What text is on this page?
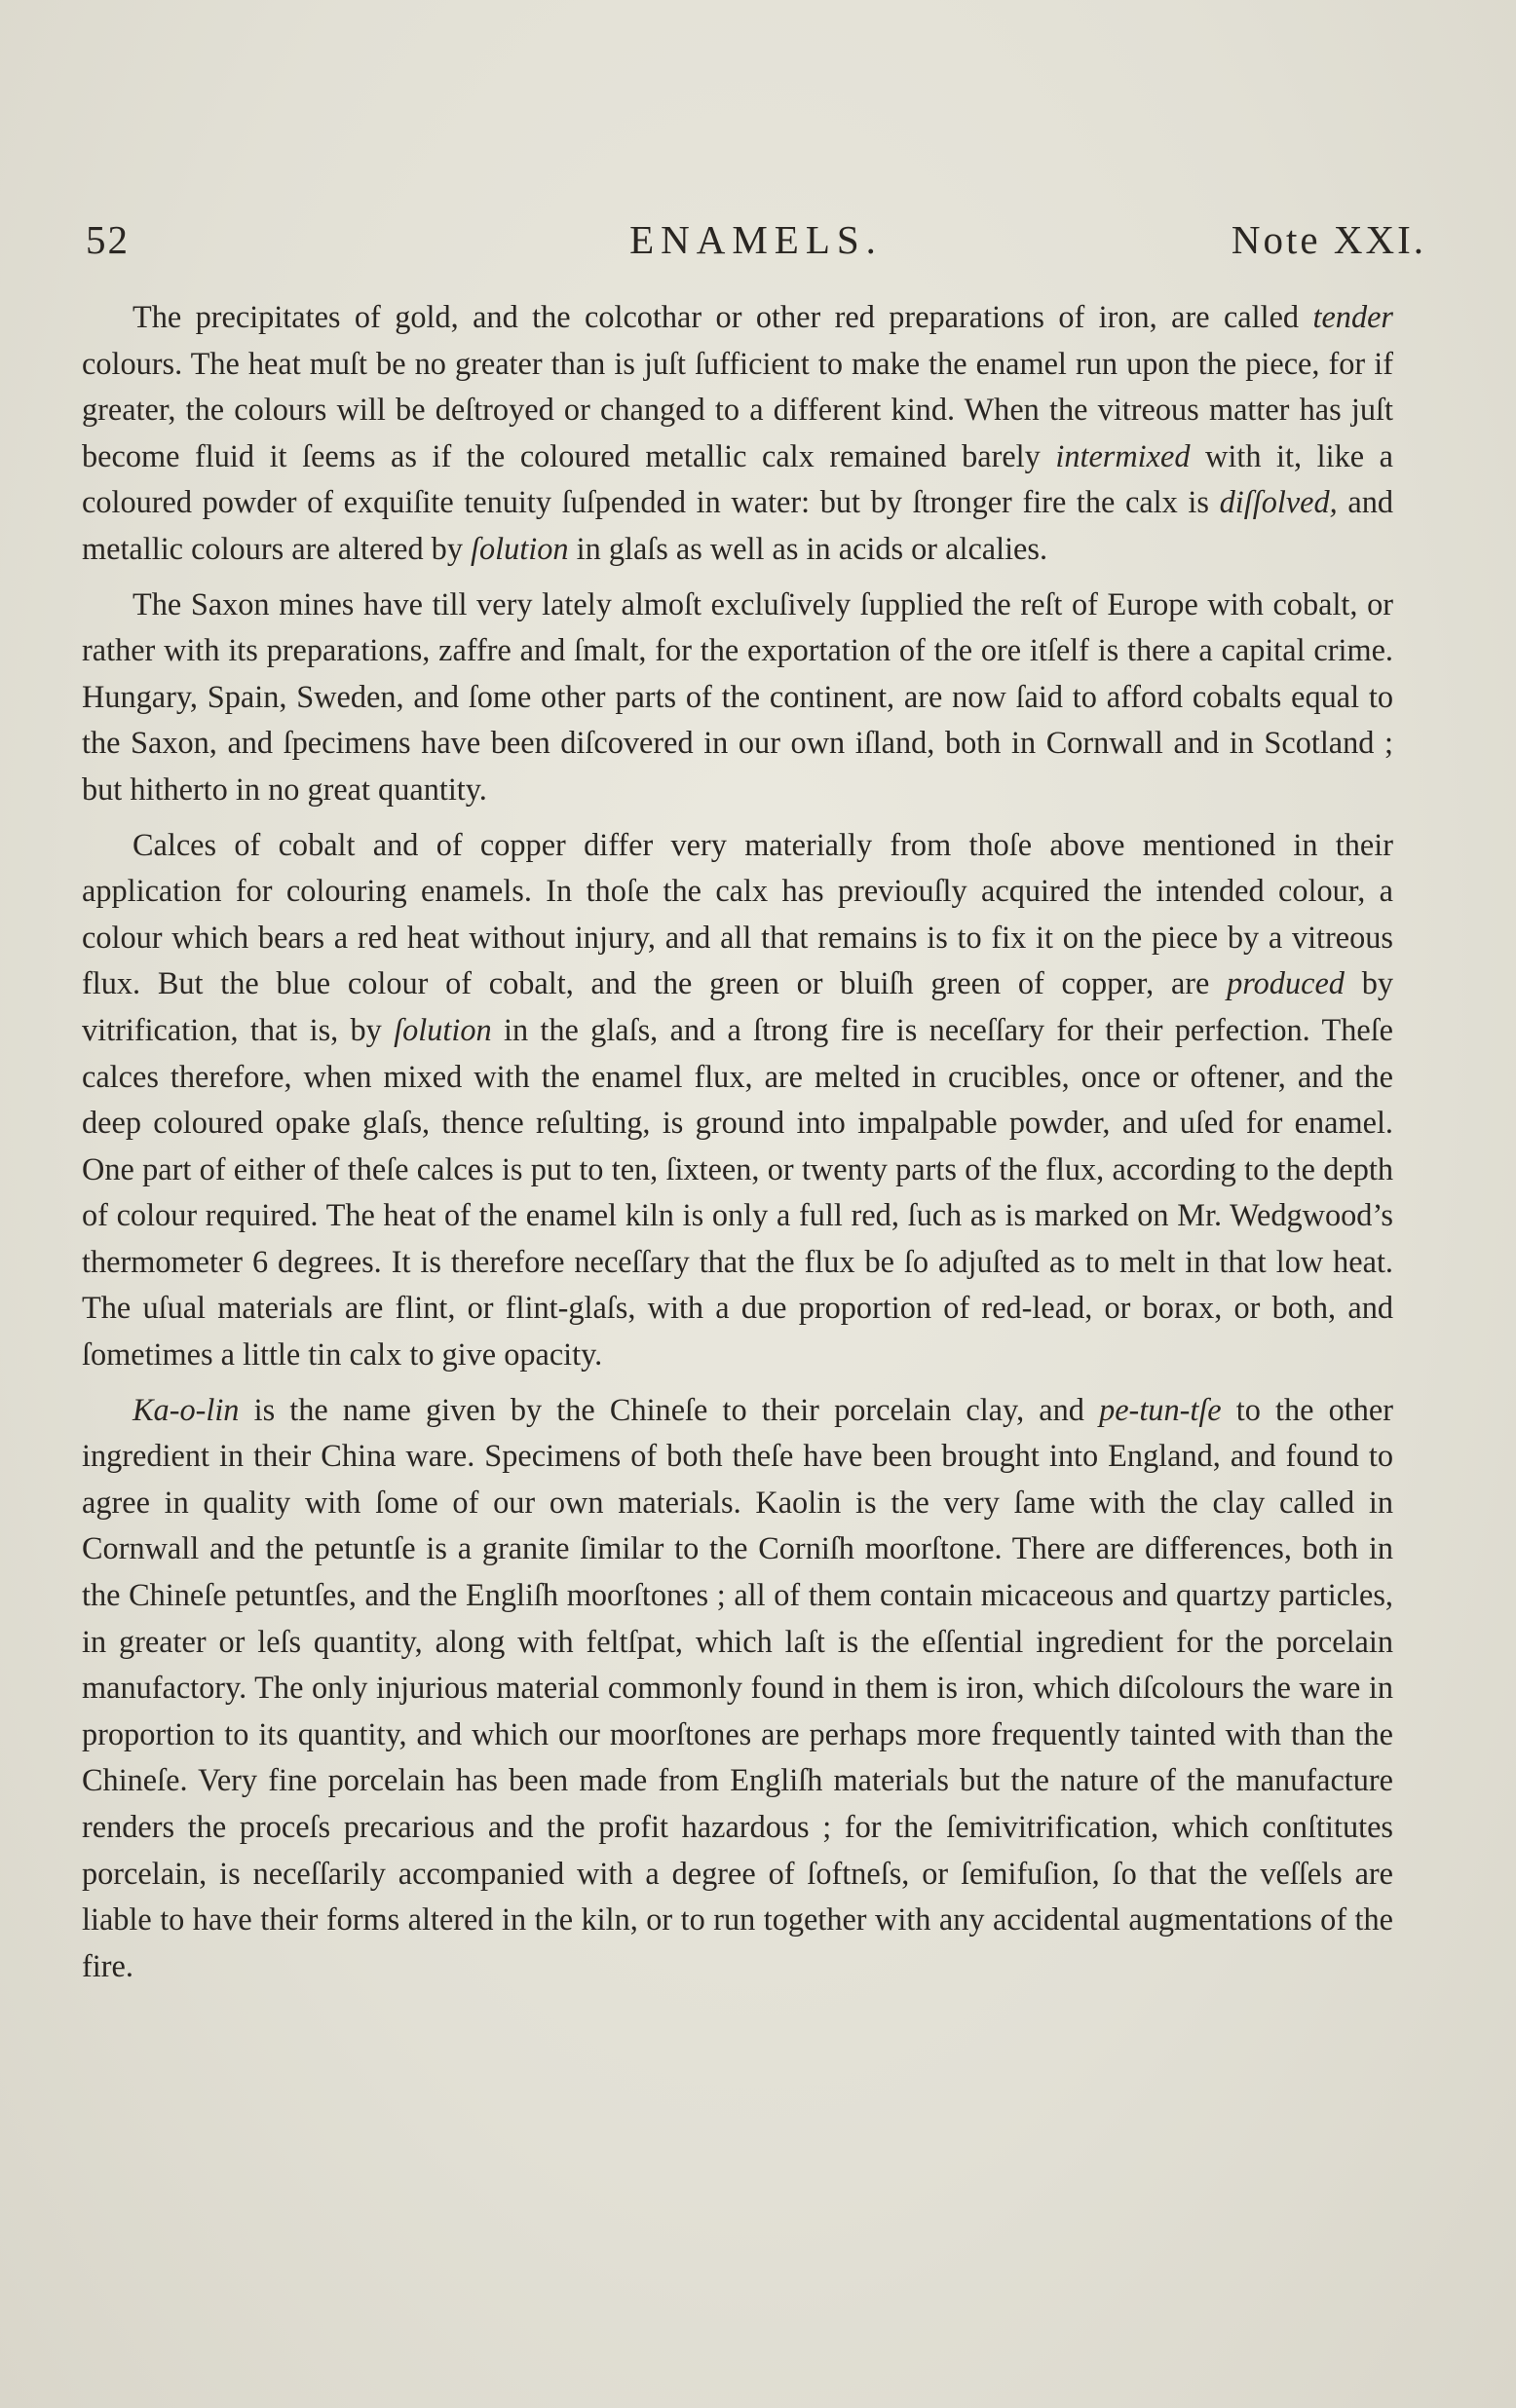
52	ENAMELS.	Note XXI.

The precipitates of gold, and the colcothar or other red preparations of iron, are called tender colours. The heat muſt be no greater than is juſt ſufficient to make the enamel run upon the piece, for if greater, the colours will be deſtroyed or changed to a different kind. When the vitreous matter has juſt become fluid it ſeems as if the coloured metallic calx remained barely intermixed with it, like a coloured powder of exquiſite tenuity ſuſpended in water: but by ſtronger fire the calx is diſſolved, and metallic colours are altered by ſolution in glaſs as well as in acids or alcalies.

The Saxon mines have till very lately almoſt excluſively ſupplied the reſt of Europe with cobalt, or rather with its preparations, zaffre and ſmalt, for the exportation of the ore itſelf is there a capital crime. Hungary, Spain, Sweden, and ſome other parts of the continent, are now ſaid to afford cobalts equal to the Saxon, and ſpecimens have been diſcovered in our own iſland, both in Cornwall and in Scotland ; but hitherto in no great quantity.

Calces of cobalt and of copper differ very materially from thoſe above mentioned in their application for colouring enamels. In thoſe the calx has previouſly acquired the intended colour, a colour which bears a red heat without injury, and all that remains is to fix it on the piece by a vitreous flux. But the blue colour of cobalt, and the green or bluiſh green of copper, are produced by vitrification, that is, by ſolution in the glaſs, and a ſtrong fire is neceſſary for their perfection. Theſe calces therefore, when mixed with the enamel flux, are melted in crucibles, once or oftener, and the deep coloured opake glaſs, thence reſulting, is ground into impalpable powder, and uſed for enamel. One part of either of theſe calces is put to ten, ſixteen, or twenty parts of the flux, according to the depth of colour required. The heat of the enamel kiln is only a full red, ſuch as is marked on Mr. Wedgwood’s thermometer 6 degrees. It is therefore neceſſary that the flux be ſo adjuſted as to melt in that low heat. The uſual materials are flint, or flint-glaſs, with a due proportion of red-lead, or borax, or both, and ſometimes a little tin calx to give opacity.

Ka-o-lin is the name given by the Chineſe to their porcelain clay, and pe-tun-tſe to the other ingredient in their China ware. Specimens of both theſe have been brought into England, and found to agree in quality with ſome of our own materials. Kaolin is the very ſame with the clay called in Cornwall and the petuntſe is a granite ſimilar to the Corniſh moorſtone. There are differences, both in the Chineſe petuntſes, and the Engliſh moorſtones ; all of them contain micaceous and quartzy particles, in greater or leſs quantity, along with feltſpat, which laſt is the eſſential ingredient for the porcelain manufactory. The only injurious material commonly found in them is iron, which diſcolours the ware in proportion to its quantity, and which our moorſtones are perhaps more frequently tainted with than the Chineſe. Very fine porcelain has been made from Engliſh materials but the nature of the manufacture renders the proceſs precarious and the profit hazardous ; for the ſemivitrification, which conſtitutes porcelain, is neceſſarily accompanied with a degree of ſoftneſs, or ſemifuſion, ſo that the veſſels are liable to have their forms altered in the kiln, or to run together with any accidental augmentations of the fire.
